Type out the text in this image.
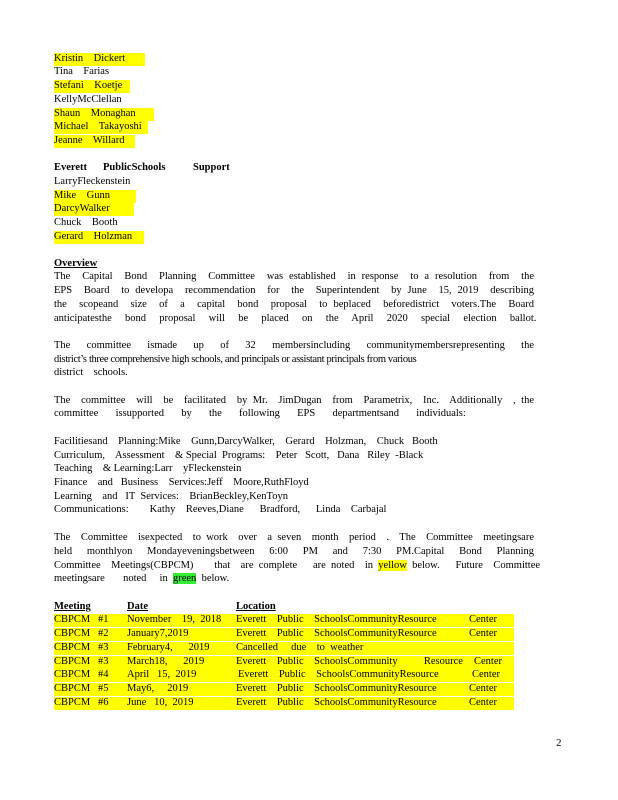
Kristin    Dickert
Tina    Farias
Stefani    Koetje
KellyMcClellan
Shaun    Monaghan
Michael    Takayoshi
Jeanne    Willard
Everett PublicSchools	Support
LarryFleckenstein
Mike    Gunn
DarcyWalker
Chuck    Booth
Gerard    Holzman
Overview
The  Capital  Bond  Planning  Committee  was established  in response  to a resolution  from  the
EPS  Board  to developa  recommendation  for  the  Superintendent  by June  15, 2019  describing
the  scopeand  size  of  a  capital  bond  proposal  to beplaced  beforedistrict  voters.The  Board
anticipatesthe  bond  proposal  will  be  placed  on  the  April  2020  special  election  ballot.
The  committee  ismade  up  of  32  membersincluding  communitymembersrepresenting  the
district’s three comprehensive high schools, and principals or assistant principals from various
district    schools.
The  committee  will  be  facilitated  by Mr.  JimDugan  from  Parametrix,  Inc.  Additionally  , the
committee  issupported  by  the  following  EPS  departmentsand  individuals:
Facilitiesand    Planning:Mike    Gunn,DarcyWalker,    Gerard    Holzman,    Chuck   Booth
Curriculum,    Assessment    & Special  Programs:    Peter   Scott,   Dana   Riley  -Black
Teaching    & Learning:Larr    yFleckenstein
Finance    and   Business    Services:Jeff    Moore,RuthFloyd
Learning    and   IT  Services:    BrianBeckley,KenToyn
Communications:        Kathy    Reeves,Diane      Bradford,      Linda    Carbajal
The  Committee  isexpected  to work  over  a seven  month  period  .  The  Committee  meetingsare
held  monthlyon  Mondayeveningsbetween  6:00  PM  and  7:30  PM.Capital  Bond  Planning
Committee    Meetings(CBPCM)        that    are  complete      are  noted    in  yellow  below.      Future    Committee
meetingsare       noted     in  green  below.
Meeting	Date	Location
CBPCM #1 November    19,  2018 Everett    Public    SchoolsCommunityResource	Center
CBPCM #2 January7,2019	Everett    Public    SchoolsCommunityResource	Center
CBPCM #3 February4,      2019	Cancelled     due    to  weather
CBPCM #3 March18,      2019	Everett    Public    SchoolsCommunity          Resource Center
CBPCM #4 April   15,  2019	Everett    Public    SchoolsCommunityResource	Center
CBPCM #5 May6,     2019	Everett    Public    SchoolsCommunityResource	Center
CBPCM #6 June   10,  2019	Everett    Public    SchoolsCommunityResource	Center
2
